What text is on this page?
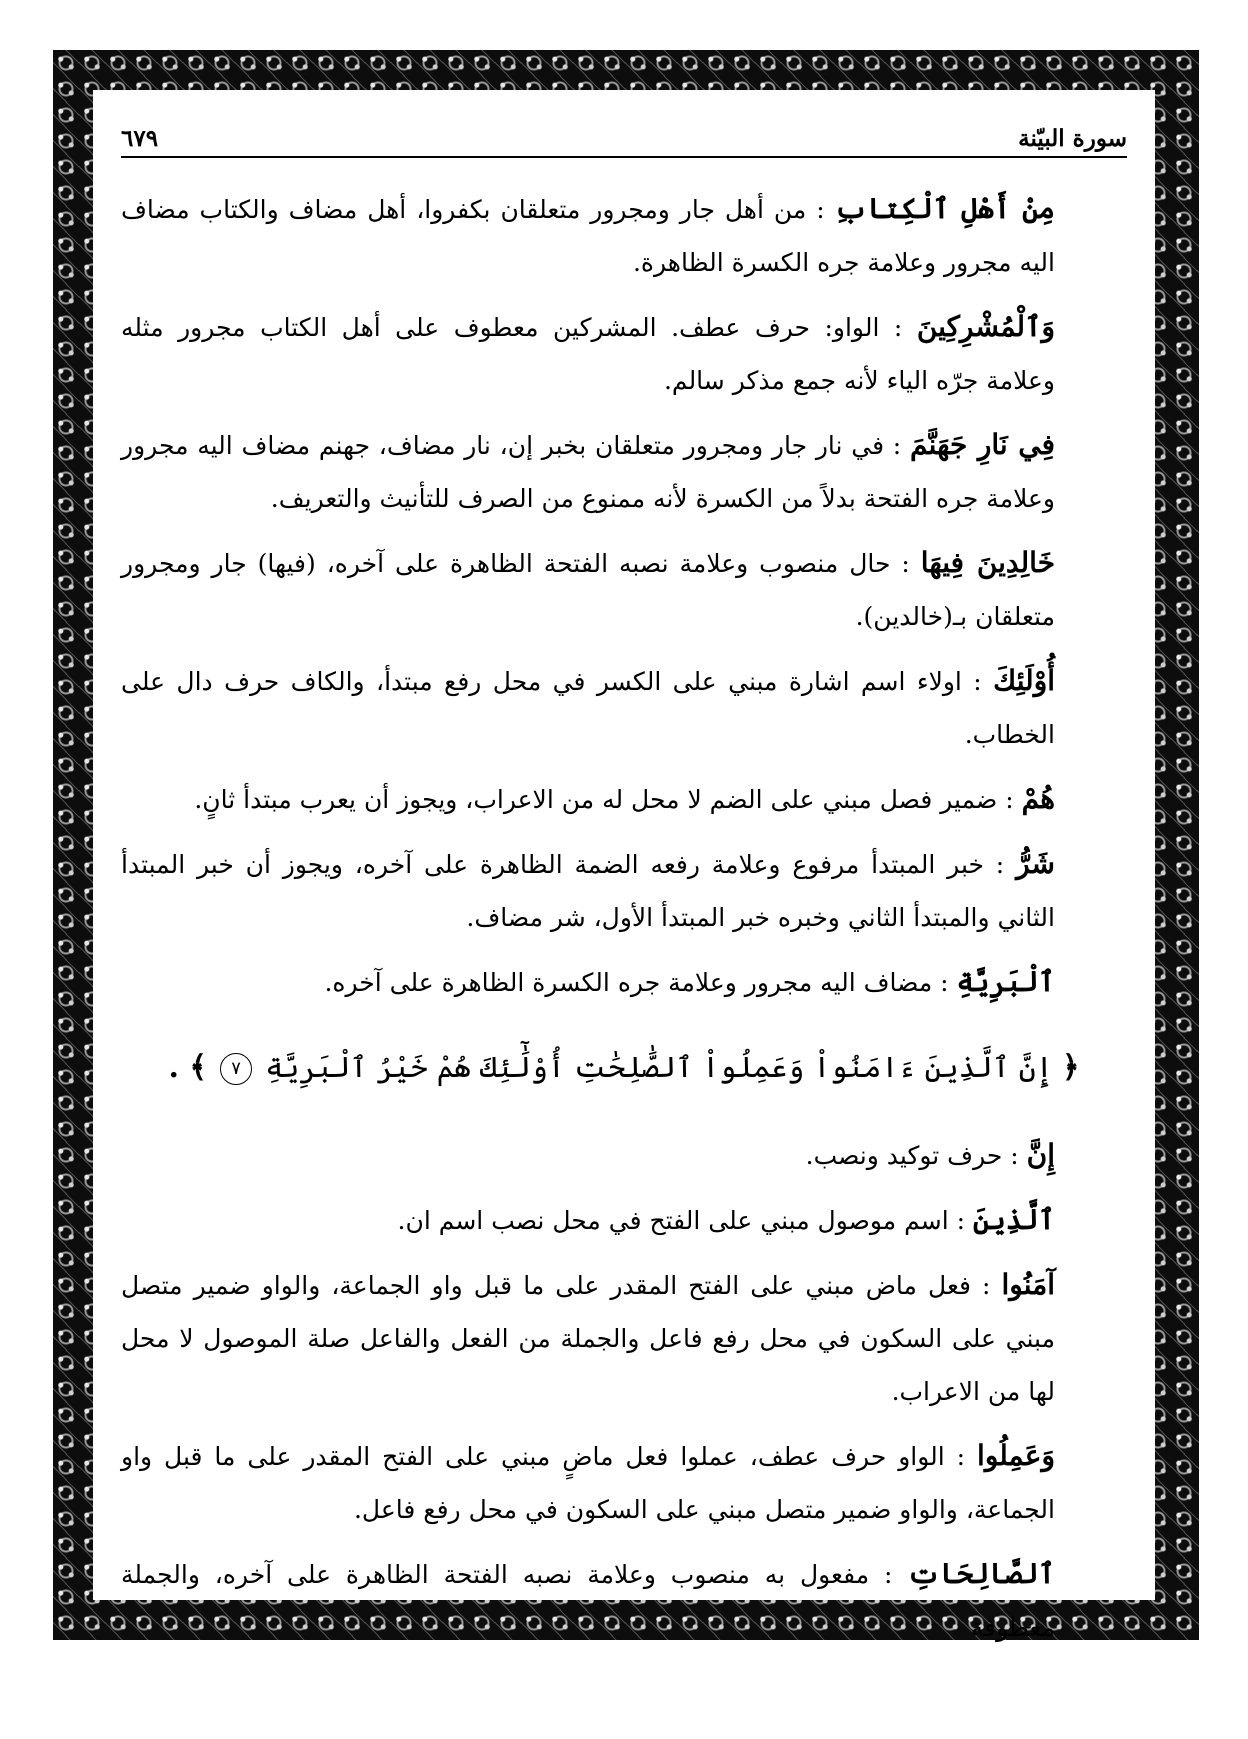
سورة البيّنة
٦٧٩

مِنْ أَهْلِ ٱلْكِتابِ : من أهل جار ومجرور متعلقان بكفروا، أهل مضاف والكتاب مضاف اليه مجرور وعلامة جره الكسرة الظاهرة.

وَٱلْمُشْرِكِينَ : الواو: حرف عطف. المشركين معطوف على أهل الكتاب مجرور مثله وعلامة جرّه الياء لأنه جمع مذكر سالم.

فِي نَارِ جَهَنَّمَ : في نار جار ومجرور متعلقان بخبر إن، نار مضاف، جهنم مضاف اليه مجرور وعلامة جره الفتحة بدلاً من الكسرة لأنه ممنوع من الصرف للتأنيث والتعريف.

خَالِدِينَ فِيهَا : حال منصوب وعلامة نصبه الفتحة الظاهرة على آخره، (فيها) جار ومجرور متعلقان بـ(خالدين).

أُوْلَئِكَ : اولاء اسم اشارة مبني على الكسر في محل رفع مبتدأ، والكاف حرف دال على الخطاب.

هُمْ : ضمير فصل مبني على الضم لا محل له من الاعراب، ويجوز أن يعرب مبتدأ ثانٍ.

شَرُّ : خبر المبتدأ مرفوع وعلامة رفعه الضمة الظاهرة على آخره، ويجوز أن خبر المبتدأ الثاني والمبتدأ الثاني وخبره خبر المبتدأ الأول، شر مضاف.

ٱلْبَرِيَّةِ : مضاف اليه مجرور وعلامة جره الكسرة الظاهرة على آخره.

﴿ إِنَّ ٱلَّذِينَ ءَامَنُواْ وَعَمِلُواْ ٱلصَّٰلِحَٰتِ أُوْلَٰٓئِكَ هُمْ خَيْرُ ٱلْبَرِيَّةِ ٧ ﴾ .

إِنَّ : حرف توكيد ونصب.

ٱلَّذِينَ : اسم موصول مبني على الفتح في محل نصب اسم ان.

آمَنُوا : فعل ماض مبني على الفتح المقدر على ما قبل واو الجماعة، والواو ضمير متصل مبني على السكون في محل رفع فاعل والجملة من الفعل والفاعل صلة الموصول لا محل لها من الاعراب.

وَعَمِلُوا : الواو حرف عطف، عملوا فعل ماضٍ مبني على الفتح المقدر على ما قبل واو الجماعة، والواو ضمير متصل مبني على السكون في محل رفع فاعل.

ٱلصَّالِحَاتِ : مفعول به منصوب وعلامة نصبه الفتحة الظاهرة على آخره، والجملة معطوفة
